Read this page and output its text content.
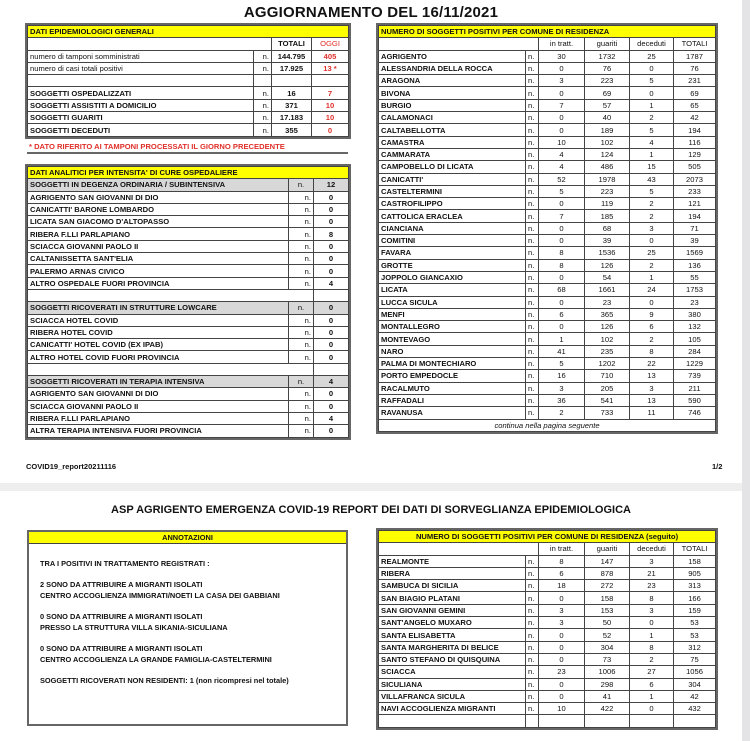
AGGIORNAMENTO DEL 16/11/2021
DATI EPIDEMIOLOGICI GENERALI			
		TOTALI	OGGI
numero di tamponi somministrati	n.	144.795	405
numero di casi totali positivi	n.	17.925	13 *

SOGGETTI OSPEDALIZZATI	n.	16	7
SOGGETTI ASSISTITI A DOMICILIO	n.	371	10
SOGGETTI GUARITI	n.	17.183	10
SOGGETTI DECEDUTI	n.	355	0
* DATO RIFERITO AI TAMPONI PROCESSATI IL GIORNO PRECEDENTE
DATI ANALITICI PER INTENSITA' DI CURE OSPEDALIERE		
SOGGETTI IN DEGENZA ORDINARIA / SUBINTENSIVA	n.	12
AGRIGENTO SAN GIOVANNI DI DIO	n.	0
CANICATTI' BARONE LOMBARDO	n.	0
LICATA SAN GIACOMO D'ALTOPASSO	n.	0
RIBERA F.LLI PARLAPIANO	n.	8
SCIACCA GIOVANNI PAOLO II	n.	0
CALTANISSETTA SANT'ELIA	n.	0
PALERMO ARNAS CIVICO	n.	0
ALTRO OSPEDALE FUORI PROVINCIA	n.	4

SOGGETTI RICOVERATI IN STRUTTURE LOWCARE	n.	0
SCIACCA HOTEL COVID	n.	0
RIBERA HOTEL COVID	n.	0
CANICATTI' HOTEL COVID (EX IPAB)	n.	0
ALTRO HOTEL COVID FUORI PROVINCIA	n.	0

SOGGETTI RICOVERATI IN TERAPIA INTENSIVA	n.	4
AGRIGENTO SAN GIOVANNI DI DIO	n.	0
SCIACCA GIOVANNI PAOLO II	n.	0
RIBERA F.LLI PARLAPIANO	n.	4
ALTRA TERAPIA INTENSIVA FUORI PROVINCIA	n.	0
NUMERO DI SOGGETTI POSITIVI PER COMUNE DI RESIDENZA					
		in tratt.	guariti	deceduti	TOTALI
AGRIGENTO	n.	30	1732	25	1787
ALESSANDRIA DELLA ROCCA	n.	0	76	0	76
ARAGONA	n.	3	223	5	231
BIVONA	n.	0	69	0	69
BURGIO	n.	7	57	1	65
CALAMONACI	n.	0	40	2	42
CALTABELLOTTA	n.	0	189	5	194
CAMASTRA	n.	10	102	4	116
CAMMARATA	n.	4	124	1	129
CAMPOBELLO DI LICATA	n.	4	486	15	505
CANICATTI'	n.	52	1978	43	2073
CASTELTERMINI	n.	5	223	5	233
CASTROFILIPPO	n.	0	119	2	121
CATTOLICA ERACLEA	n.	7	185	2	194
CIANCIANA	n.	0	68	3	71
COMITINI	n.	0	39	0	39
FAVARA	n.	8	1536	25	1569
GROTTE	n.	8	126	2	136
JOPPOLO GIANCAXIO	n.	0	54	1	55
LICATA	n.	68	1661	24	1753
LUCCA SICULA	n.	0	23	0	23
MENFI	n.	6	365	9	380
MONTALLEGRO	n.	0	126	6	132
MONTEVAGO	n.	1	102	2	105
NARO	n.	41	235	8	284
PALMA DI MONTECHIARO	n.	5	1202	22	1229
PORTO EMPEDOCLE	n.	16	710	13	739
RACALMUTO	n.	3	205	3	211
RAFFADALI	n.	36	541	13	590
RAVANUSA	n.	2	733	11	746
continua nella pagina seguente					
COVID19_report20211116	1/2
ASP AGRIGENTO EMERGENZA COVID-19 REPORT DEI DATI DI SORVEGLIANZA EPIDEMIOLOGICA
ANNOTAZIONI

TRA I POSITIVI IN TRATTAMENTO REGISTRATI :

2 SONO DA ATTRIBUIRE A MIGRANTI ISOLATI
CENTRO ACCOGLIENZA IMMIGRATI/NOETI LA CASA DEI GABBIANI

0 SONO DA ATTRIBUIRE A MIGRANTI ISOLATI
PRESSO LA STRUTTURA VILLA SIKANIA-SICULIANA

0 SONO DA ATTRIBUIRE A MIGRANTI ISOLATI
CENTRO ACCOGLIENZA LA GRANDE FAMIGLIA-CASTELTERMINI

SOGGETTI RICOVERATI NON RESIDENTI: 1 (non ricompresi nel totale)

NUMERO DI SOGGETTI POSITIVI PER COMUNE DI RESIDENZA (seguito)					
		in tratt.	guariti	deceduti	TOTALI
REALMONTE	n.	8	147	3	158
RIBERA	n.	6	878	21	905
SAMBUCA DI SICILIA	n.	18	272	23	313
SAN BIAGIO PLATANI	n.	0	158	8	166
SAN GIOVANNI GEMINI	n.	3	153	3	159
SANT'ANGELO MUXARO	n.	3	50	0	53
SANTA ELISABETTA	n.	0	52	1	53
SANTA MARGHERITA DI BELICE	n.	0	304	8	312
SANTO STEFANO DI QUISQUINA	n.	0	73	2	75
SCIACCA	n.	23	1006	27	1056
SICULIANA	n.	0	298	6	304
VILLAFRANCA SICULA	n.	0	41	1	42
NAVI ACCOGLIENZA MIGRANTI	n.	10	422	0	432
